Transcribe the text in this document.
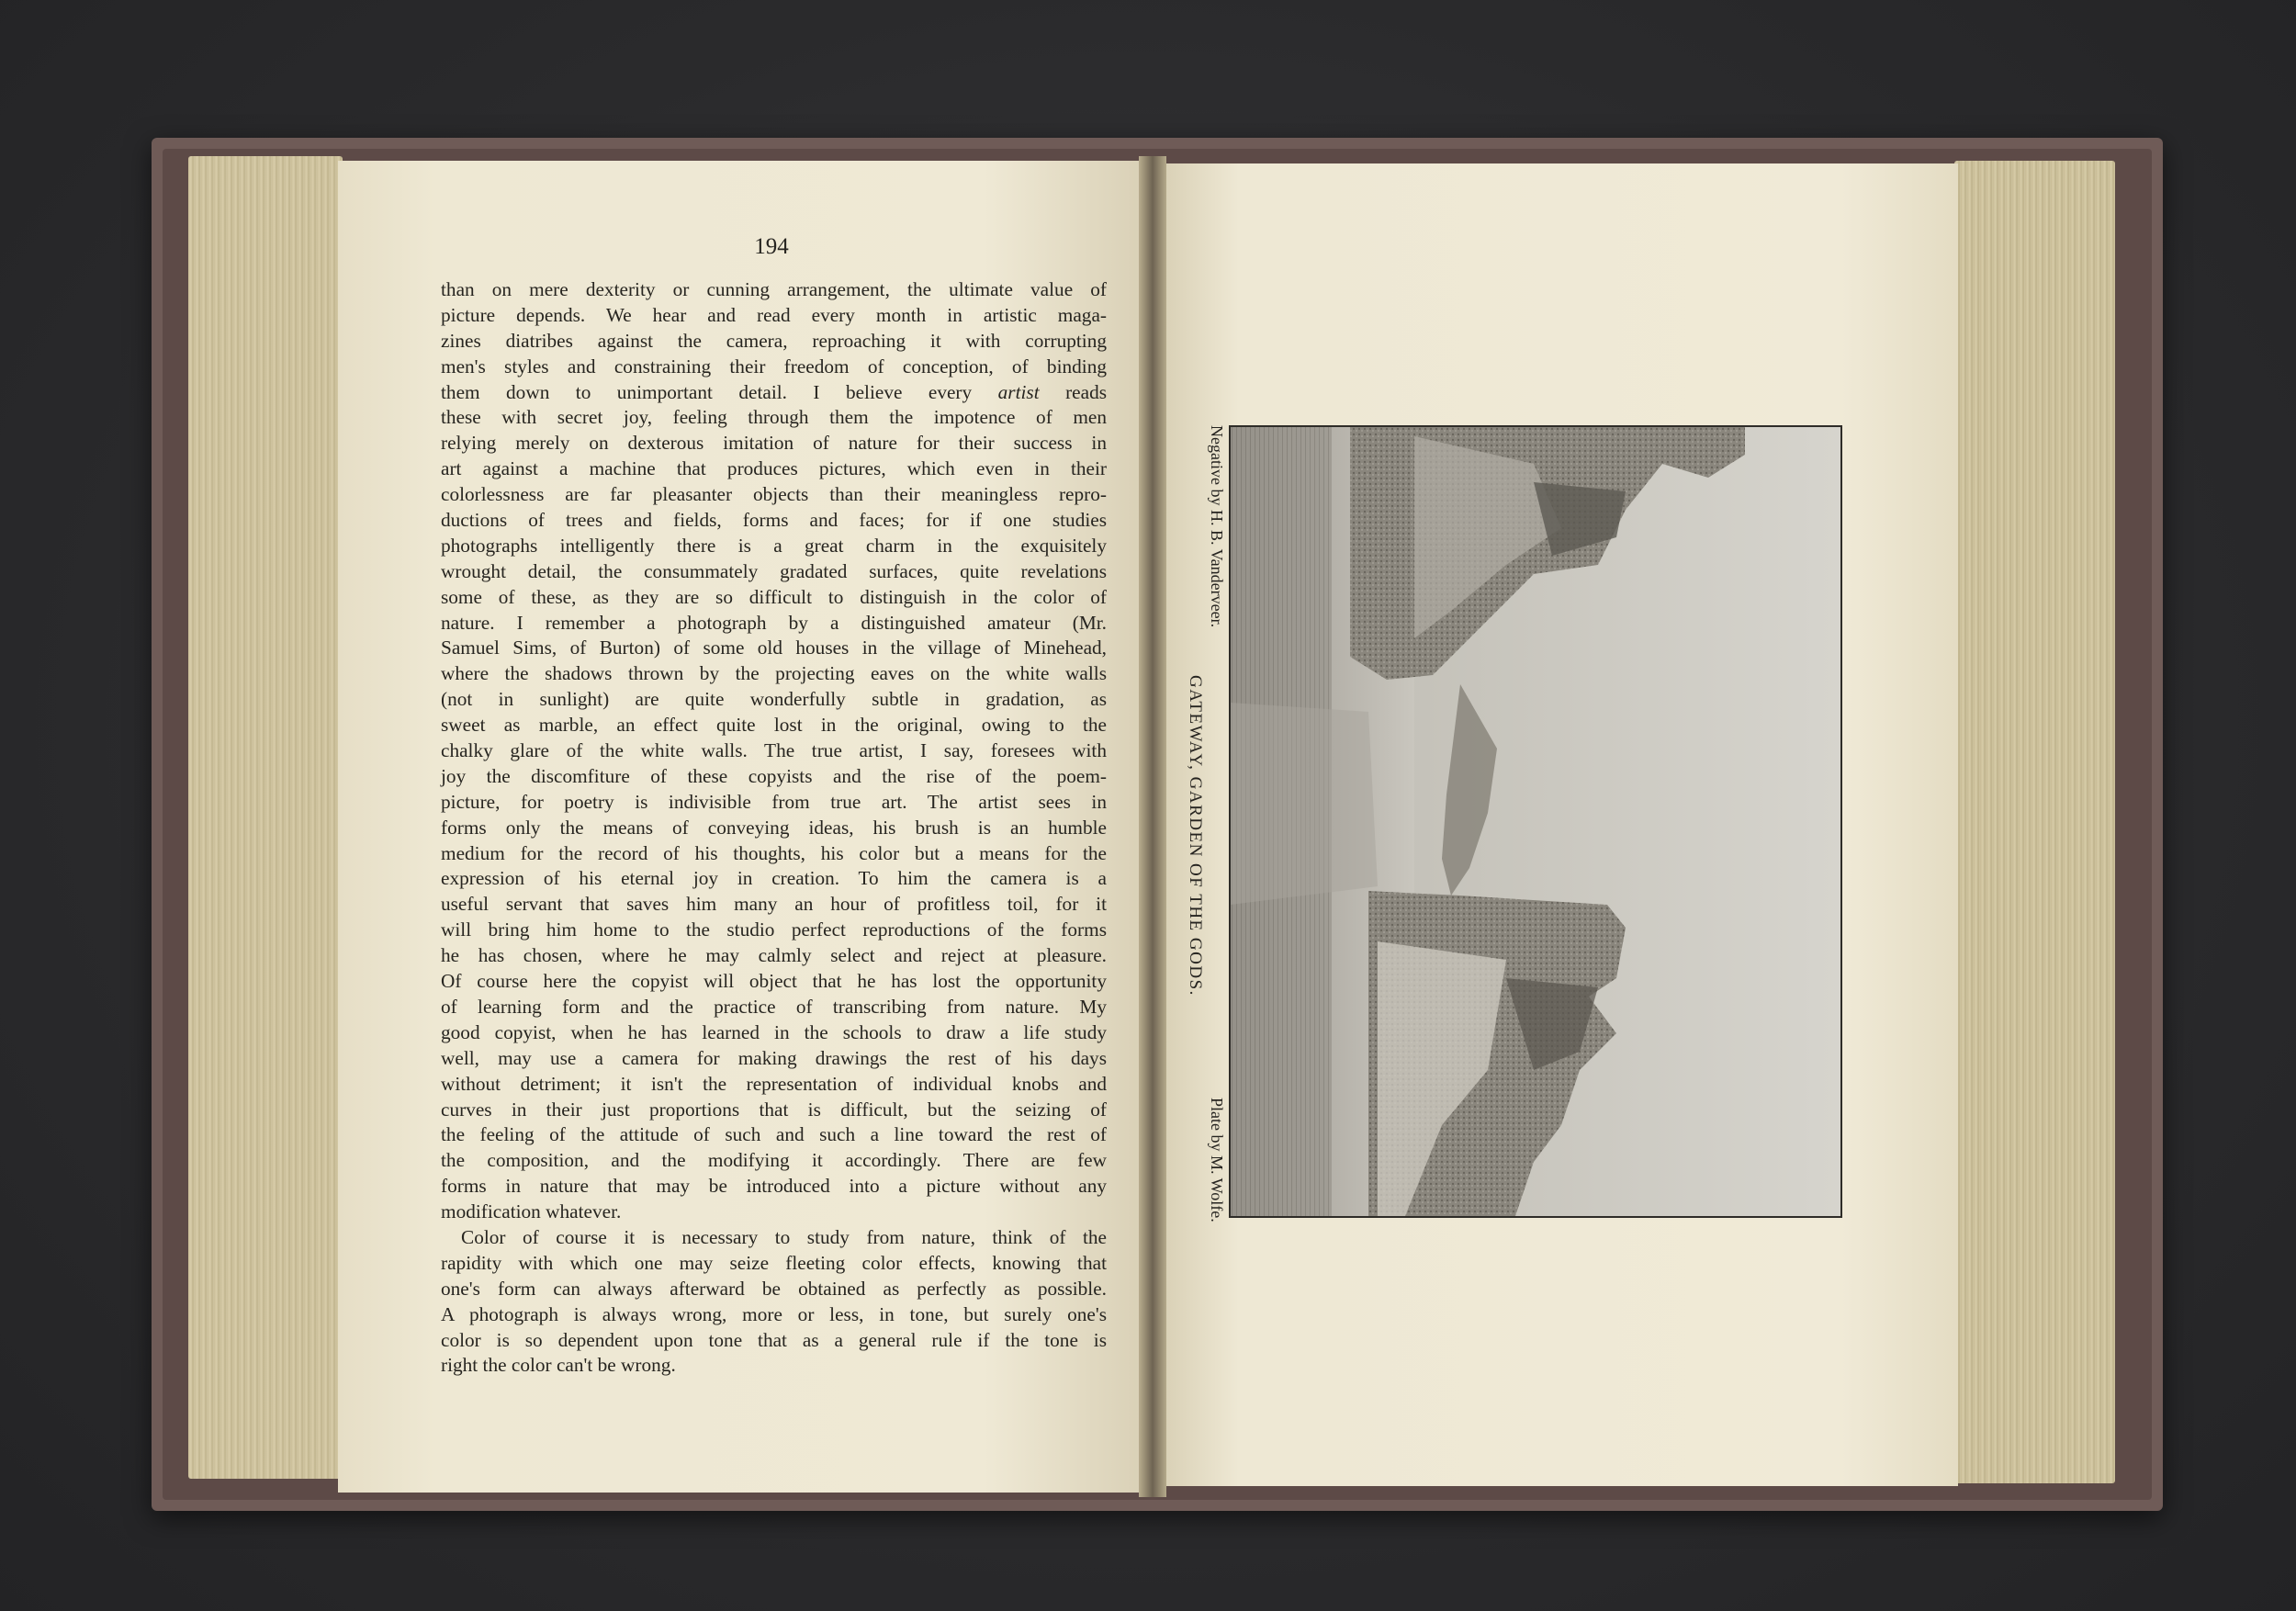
194
than on mere dexterity or cunning arrangement, the ultimate value of
picture depends. We hear and read every month in artistic maga-
zines diatribes against the camera, reproaching it with corrupting
men's styles and constraining their freedom of conception, of binding
them down to unimportant detail. I believe every artist reads
these with secret joy, feeling through them the impotence of men
relying merely on dexterous imitation of nature for their success in
art against a machine that produces pictures, which even in their
colorlessness are far pleasanter objects than their meaningless repro-
ductions of trees and fields, forms and faces; for if one studies
photographs intelligently there is a great charm in the exquisitely
wrought detail, the consummately gradated surfaces, quite revelations
some of these, as they are so difficult to distinguish in the color of
nature. I remember a photograph by a distinguished amateur (Mr.
Samuel Sims, of Burton) of some old houses in the village of Minehead,
where the shadows thrown by the projecting eaves on the white walls
(not in sunlight) are quite wonderfully subtle in gradation, as
sweet as marble, an effect quite lost in the original, owing to the
chalky glare of the white walls. The true artist, I say, foresees with
joy the discomfiture of these copyists and the rise of the poem-
picture, for poetry is indivisible from true art. The artist sees in
forms only the means of conveying ideas, his brush is an humble
medium for the record of his thoughts, his color but a means for the
expression of his eternal joy in creation. To him the camera is a
useful servant that saves him many an hour of profitless toil, for it
will bring him home to the studio perfect reproductions of the forms
he has chosen, where he may calmly select and reject at pleasure.
Of course here the copyist will object that he has lost the opportunity
of learning form and the practice of transcribing from nature. My
good copyist, when he has learned in the schools to draw a life study
well, may use a camera for making drawings the rest of his days
without detriment; it isn't the representation of individual knobs and
curves in their just proportions that is difficult, but the seizing of
the feeling of the attitude of such and such a line toward the rest of
the composition, and the modifying it accordingly. There are few
forms in nature that may be introduced into a picture without any
modification whatever.
Color of course it is necessary to study from nature, think of the
rapidity with which one may seize fleeting color effects, knowing that
one's form can always afterward be obtained as perfectly as possible.
A photograph is always wrong, more or less, in tone, but surely one's
color is so dependent upon tone that as a general rule if the tone is
right the color can't be wrong.
Negative by H. B. Vanderveer.
GATEWAY, GARDEN OF THE GODS.
Plate by M. Wolfe.
